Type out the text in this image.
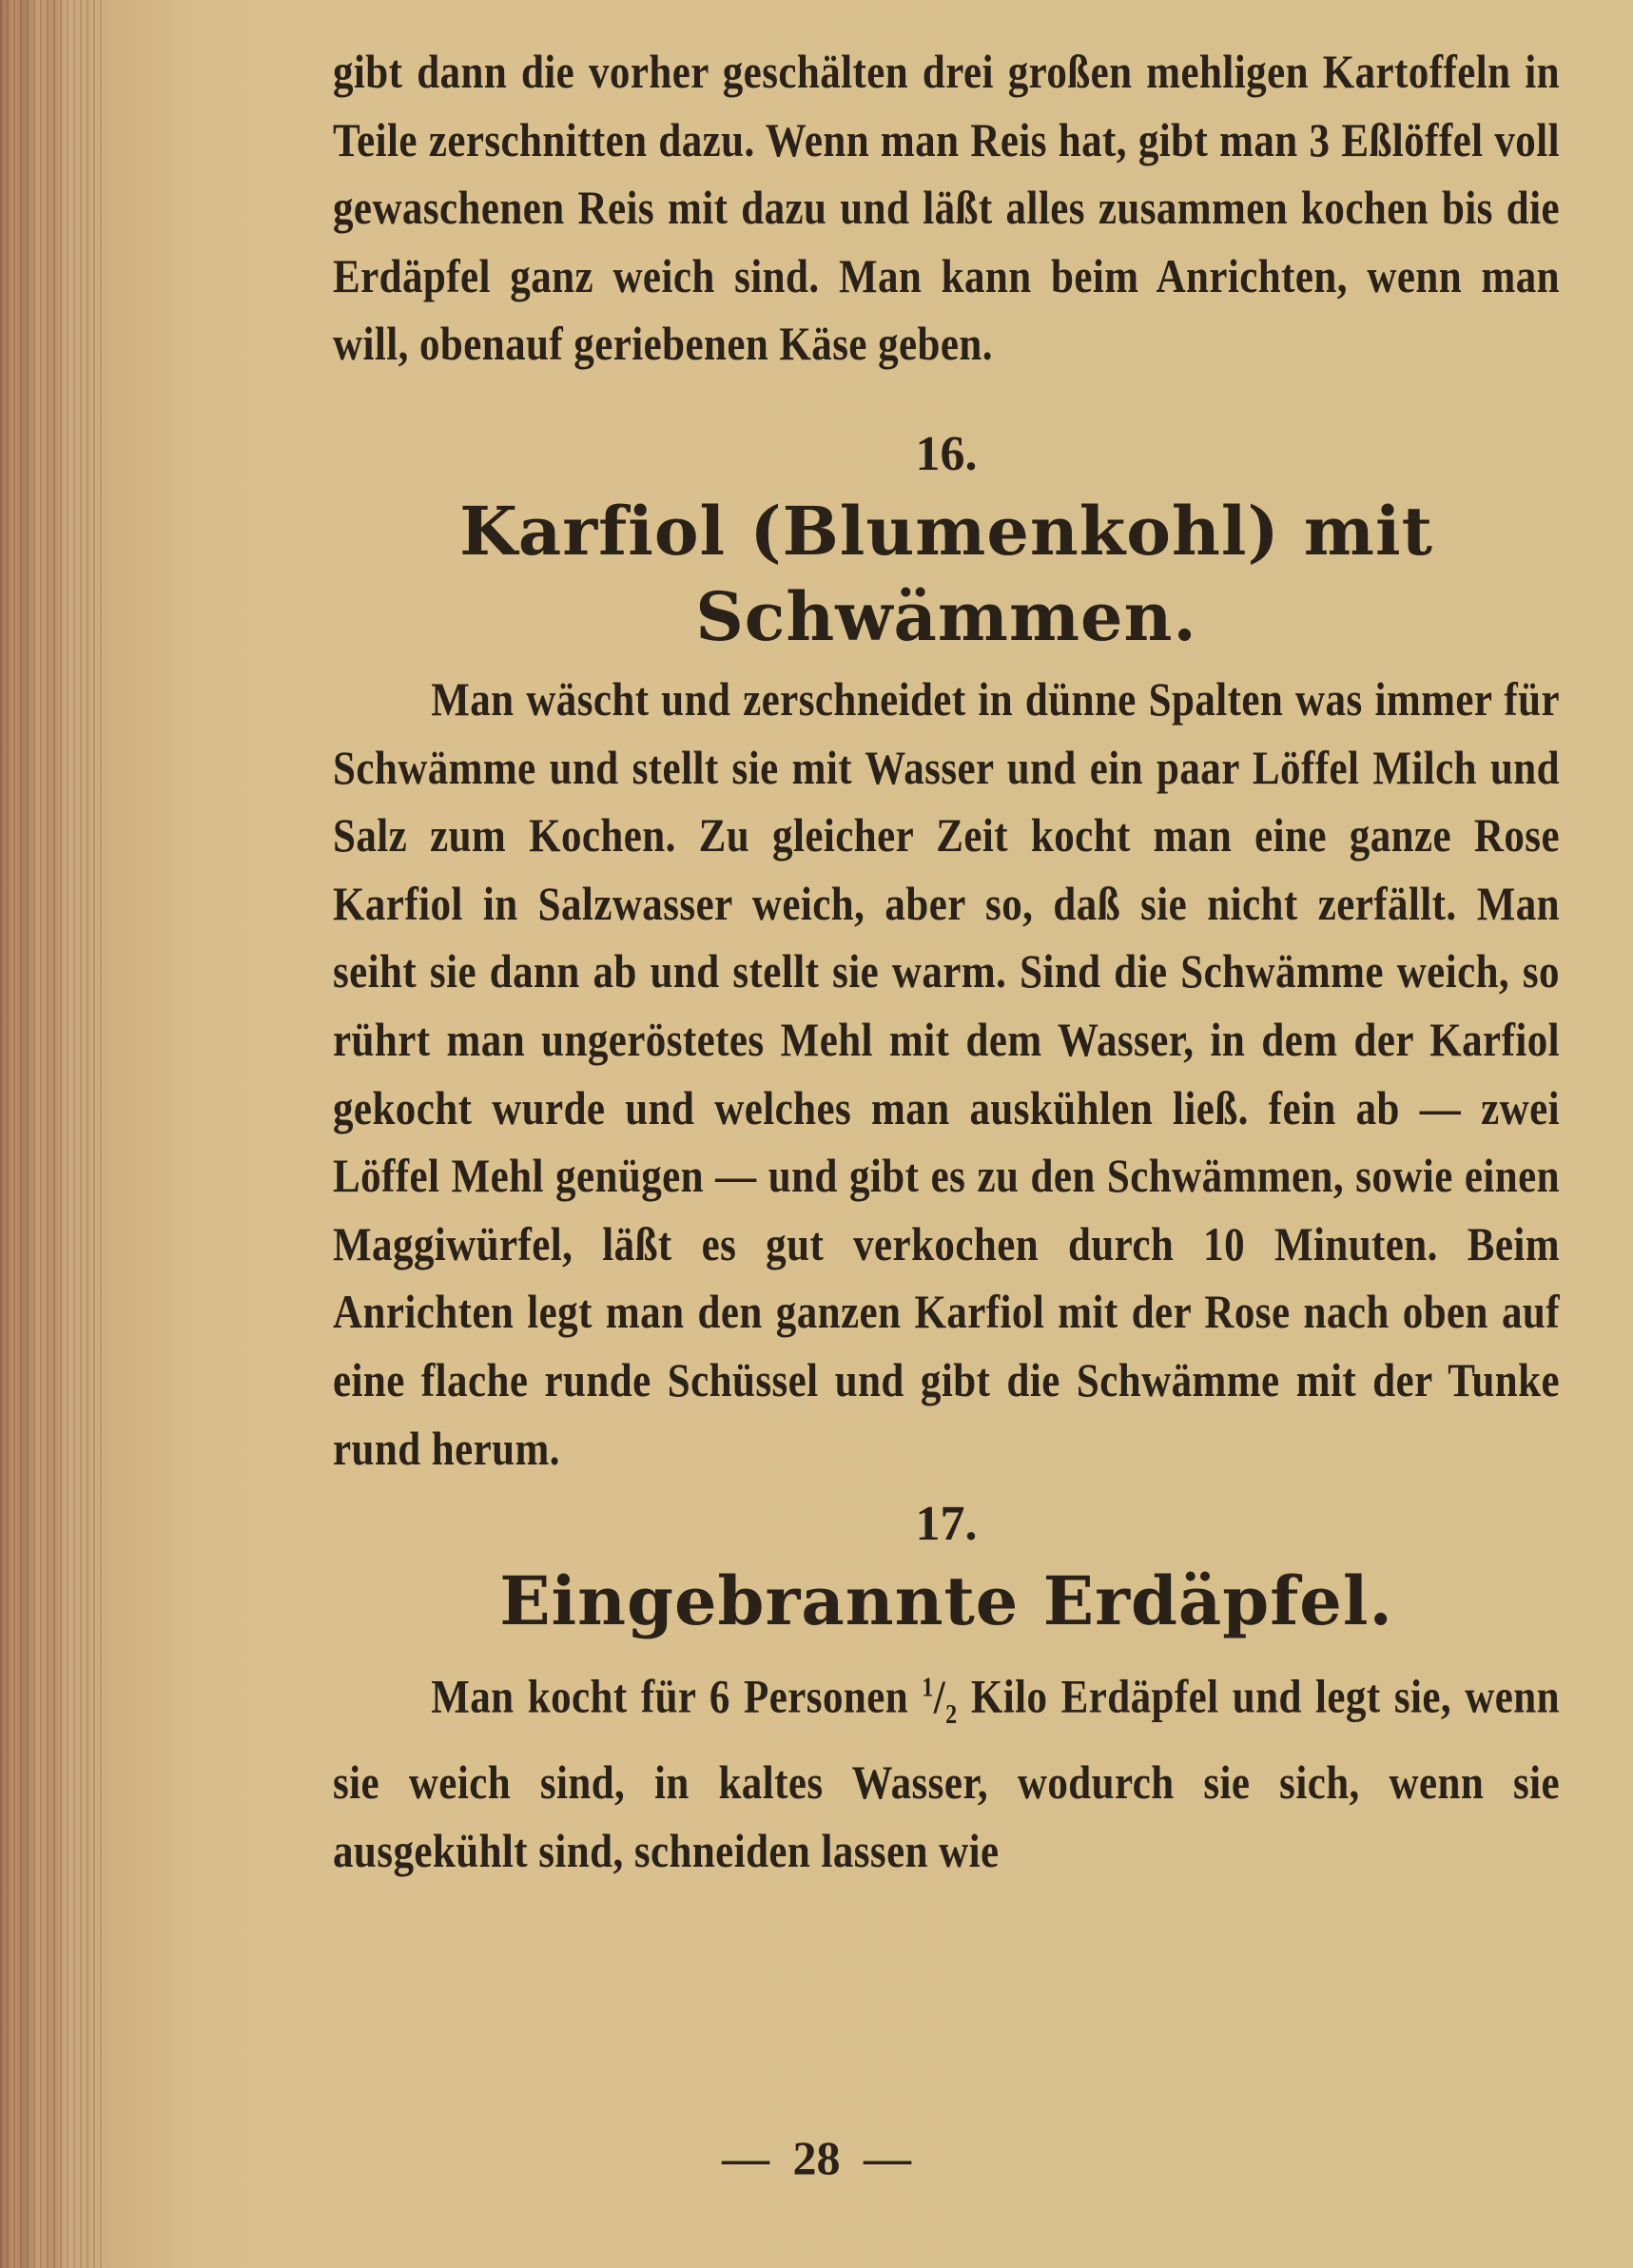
gibt dann die vorher geschälten drei großen mehligen Kartoffeln in Teile zerschnitten dazu. Wenn man Reis hat, gibt man 3 Eßlöffel voll gewaschenen Reis mit dazu und läßt alles zusammen kochen bis die Erdäpfel ganz weich sind. Man kann beim Anrichten, wenn man will, obenauf geriebenen Käse geben.

16.

Karfiol (Blumenkohl) mit Schwämmen.

Man wäscht und zerschneidet in dünne Spalten was immer für Schwämme und stellt sie mit Wasser und ein paar Löffel Milch und Salz zum Kochen. Zu gleicher Zeit kocht man eine ganze Rose Karfiol in Salzwasser weich, aber so, daß sie nicht zerfällt. Man seiht sie dann ab und stellt sie warm. Sind die Schwämme weich, so rührt man ungeröstetes Mehl mit dem Wasser, in dem der Karfiol gekocht wurde und welches man auskühlen ließ. fein ab — zwei Löffel Mehl genügen — und gibt es zu den Schwämmen, sowie einen Maggiwürfel, läßt es gut verkochen durch 10 Minuten. Beim Anrichten legt man den ganzen Karfiol mit der Rose nach oben auf eine flache runde Schüssel und gibt die Schwämme mit der Tunke rund herum.

17.

Eingebrannte Erdäpfel.

Man kocht für 6 Personen $^1/_2$ Kilo Erdäpfel und legt sie, wenn sie weich sind, in kaltes Wasser, wodurch sie sich, wenn sie ausgekühlt sind, schneiden lassen wie

— 28 —
